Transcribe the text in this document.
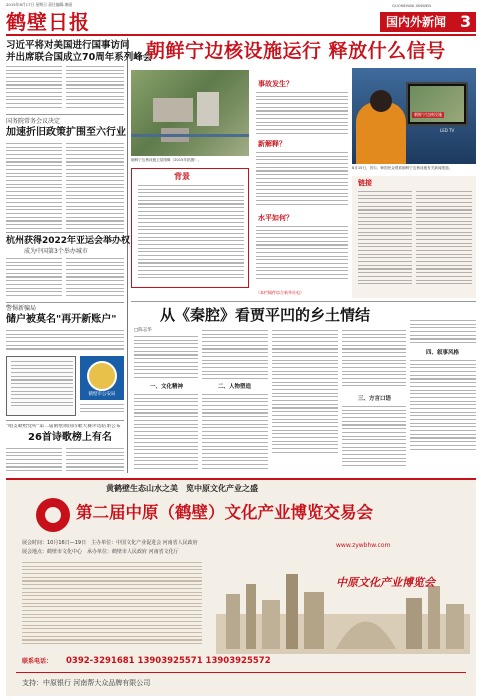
2015年8月17日 星期日 责任编辑:康丽	GUONEIWAI XINWEN
鹤壁日报	国内外新闻 3
习近平将对美国进行国事访问
并出席联合国成立70周年系列峰会
国务院常务会议决定
加速折旧政策扩围至六行业
杭州获得2022年亚运会举办权
成为中国第3个举办城市
警惕新骗局
储户被莫名"再开新账户"
鹤壁市公安局
"唱支歌给党听"第二届鹤壁颂国诗歌大赛评选结果公布
26首诗歌榜上有名
朝鲜宁边核设施运行 释放什么信号
朝鲜宁边核设施卫星图像（2015年拍摄）。
背景
事故发生？
新解释？
水平如何？
（本栏稿件综合新华社电）
朝鲜宁边核设施
LED TV
8月15日，首尔，韩国民众观看朝鲜宁边核设施有关新闻报道。
链接
从《秦腔》看贾平凹的乡土情结
□陈志华
一、文化精神	二、人物塑造
三、方言口语
四、叙事风格
黄鹤壁生态山水之美　览中原文化产业之盛
第二届中原（鹤壁）文化产业博览交易会
展会时间：10月16日—19日　主办单位：中国文化产业促进会 河南省人民政府
展会地点：鹤壁市文化中心　承办单位：鹤壁市人民政府 河南省文化厅
www.zywbhw.com
中原文化产业博览会
联系电话： 0392-3291681 13903925571 13903925572
支持：中原银行 河南帮大众品牌有限公司
